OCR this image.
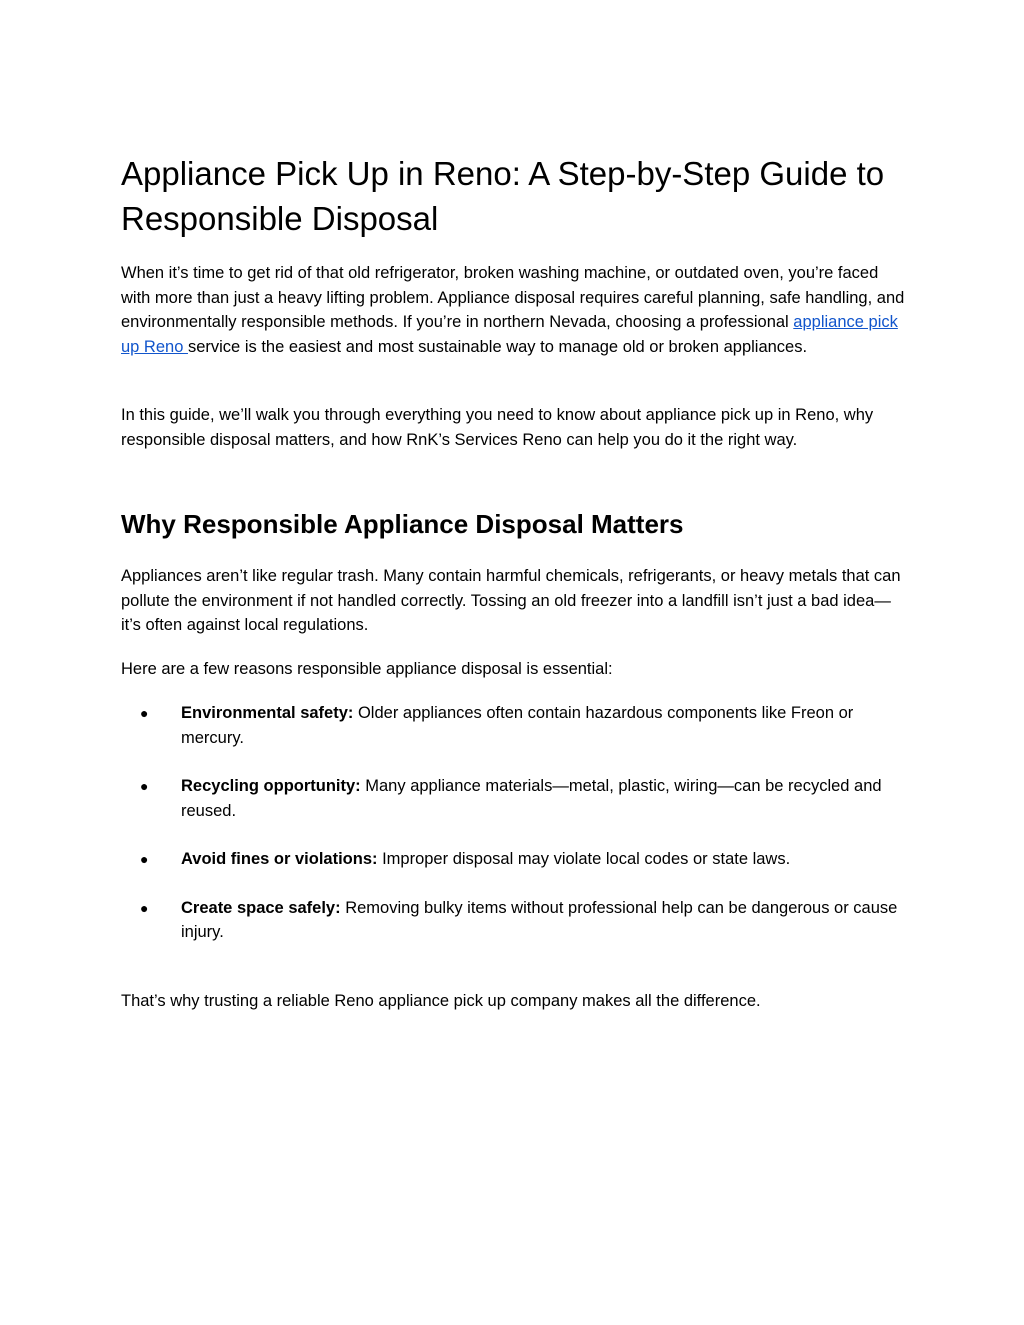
Appliance Pick Up in Reno: A Step-by-Step Guide to Responsible Disposal

When it’s time to get rid of that old refrigerator, broken washing machine, or outdated oven, you’re faced with more than just a heavy lifting problem. Appliance disposal requires careful planning, safe handling, and environmentally responsible methods. If you’re in northern Nevada, choosing a professional appliance pick up Reno service is the easiest and most sustainable way to manage old or broken appliances.

In this guide, we’ll walk you through everything you need to know about appliance pick up in Reno, why responsible disposal matters, and how RnK’s Services Reno can help you do it the right way.

Why Responsible Appliance Disposal Matters

Appliances aren’t like regular trash. Many contain harmful chemicals, refrigerants, or heavy metals that can pollute the environment if not handled correctly. Tossing an old freezer into a landfill isn’t just a bad idea—it’s often against local regulations.

Here are a few reasons responsible appliance disposal is essential:

● Environmental safety: Older appliances often contain hazardous components like Freon or mercury.
● Recycling opportunity: Many appliance materials—metal, plastic, wiring—can be recycled and reused.
● Avoid fines or violations: Improper disposal may violate local codes or state laws.
● Create space safely: Removing bulky items without professional help can be dangerous or cause injury.

That’s why trusting a reliable Reno appliance pick up company makes all the difference.
